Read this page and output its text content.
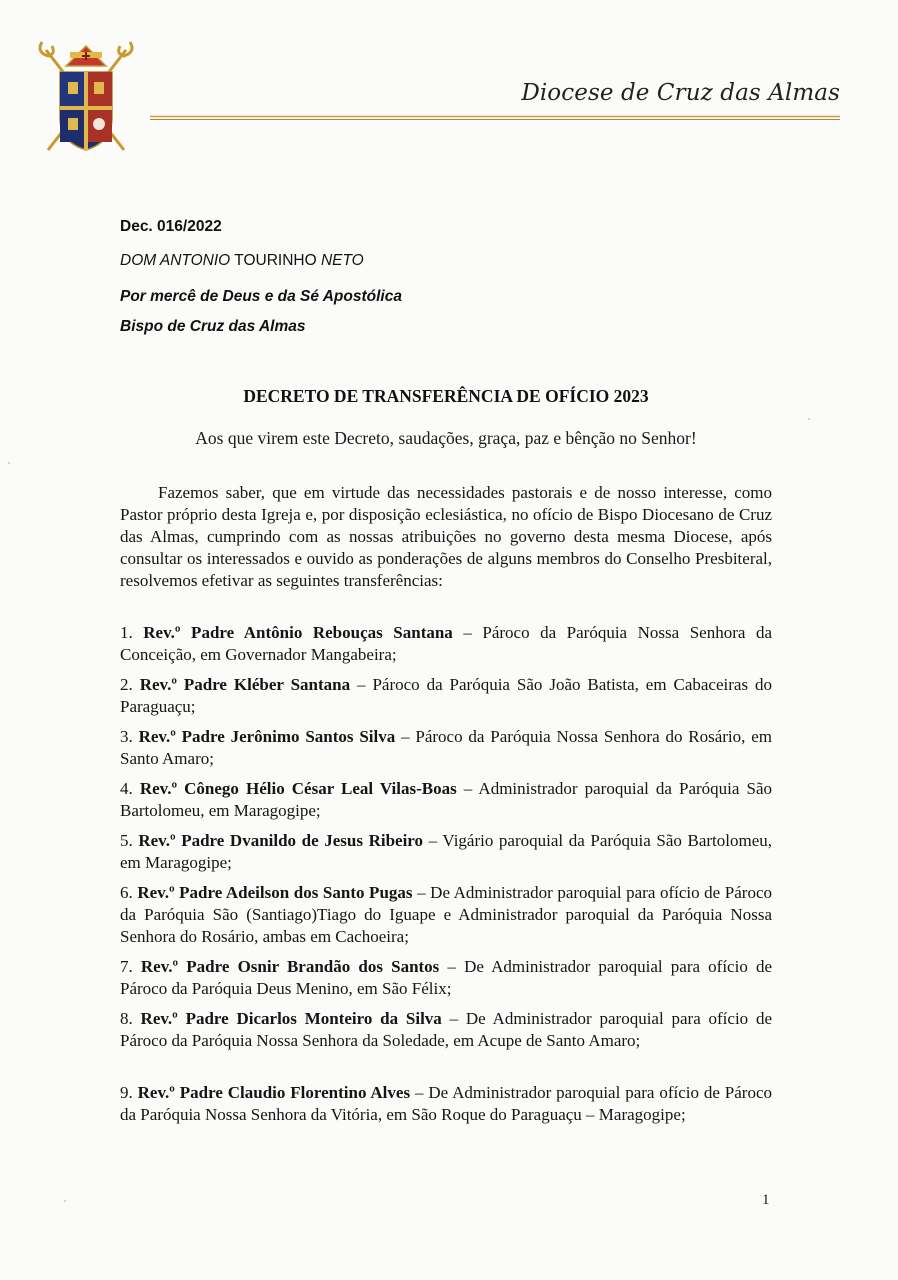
Diocese de Cruz das Almas
Dec. 016/2022
DOM ANTONIO TOURINHO NETO
Por mercê de Deus e da Sé Apostólica
Bispo de Cruz das Almas
DECRETO DE TRANSFERÊNCIA DE OFÍCIO 2023
Aos que virem este Decreto, saudações, graça, paz e bênção no Senhor!
Fazemos saber, que em virtude das necessidades pastorais e de nosso interesse, como Pastor próprio desta Igreja e, por disposição eclesiástica, no ofício de Bispo Diocesano de Cruz das Almas, cumprindo com as nossas atribuições no governo desta mesma Diocese, após consultar os interessados e ouvido as ponderações de alguns membros do Conselho Presbiteral, resolvemos efetivar as seguintes transferências:
1. Rev.º Padre Antônio Rebouças Santana – Pároco da Paróquia Nossa Senhora da Conceição, em Governador Mangabeira;
2. Rev.º Padre Kléber Santana – Pároco da Paróquia São João Batista, em Cabaceiras do Paraguaçu;
3. Rev.º Padre Jerônimo Santos Silva – Pároco da Paróquia Nossa Senhora do Rosário, em Santo Amaro;
4. Rev.º Cônego Hélio César Leal Vilas-Boas – Administrador paroquial da Paróquia São Bartolomeu, em Maragogipe;
5. Rev.º Padre Dvanildo de Jesus Ribeiro – Vigário paroquial da Paróquia São Bartolomeu, em Maragogipe;
6. Rev.º Padre Adeilson dos Santo Pugas – De Administrador paroquial para ofício de Pároco da Paróquia São (Santiago)Tiago do Iguape e Administrador paroquial da Paróquia Nossa Senhora do Rosário, ambas em Cachoeira;
7. Rev.º Padre Osnir Brandão dos Santos – De Administrador paroquial para ofício de Pároco da Paróquia Deus Menino, em São Félix;
8. Rev.º Padre Dicarlos Monteiro da Silva – De Administrador paroquial para ofício de Pároco da Paróquia Nossa Senhora da Soledade, em Acupe de Santo Amaro;
9. Rev.º Padre Claudio Florentino Alves – De Administrador paroquial para ofício de Pároco da Paróquia Nossa Senhora da Vitória, em São Roque do Paraguaçu – Maragogipe;
1
